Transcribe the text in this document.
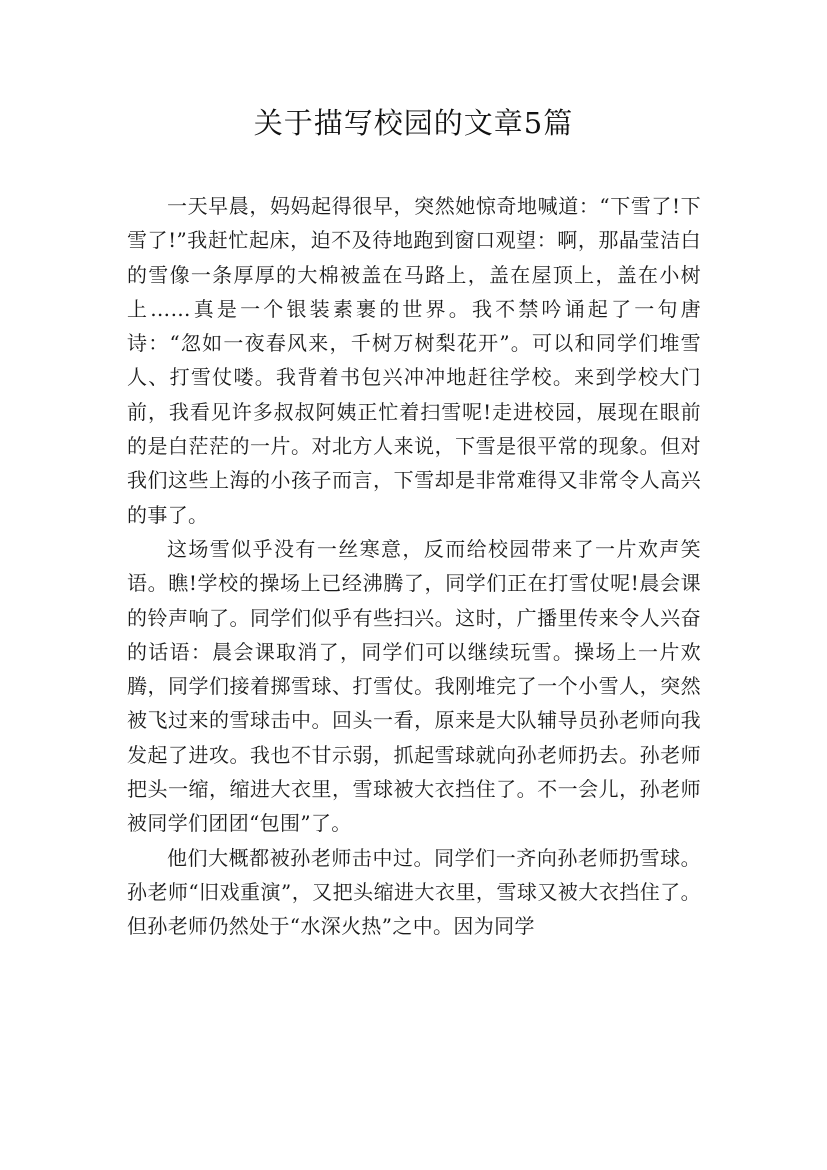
关于描写校园的文章5篇

一天早晨，妈妈起得很早，突然她惊奇地喊道：“下雪了!下雪了!”我赶忙起床，迫不及待地跑到窗口观望：啊，那晶莹洁白的雪像一条厚厚的大棉被盖在马路上，盖在屋顶上，盖在小树上……真是一个银装素裹的世界。我不禁吟诵起了一句唐诗：“忽如一夜春风来，千树万树梨花开”。可以和同学们堆雪人、打雪仗喽。我背着书包兴冲冲地赶往学校。来到学校大门前，我看见许多叔叔阿姨正忙着扫雪呢!走进校园，展现在眼前的是白茫茫的一片。对北方人来说，下雪是很平常的现象。但对我们这些上海的小孩子而言，下雪却是非常难得又非常令人高兴的事了。

这场雪似乎没有一丝寒意，反而给校园带来了一片欢声笑语。瞧!学校的操场上已经沸腾了，同学们正在打雪仗呢!晨会课的铃声响了。同学们似乎有些扫兴。这时，广播里传来令人兴奋的话语：晨会课取消了，同学们可以继续玩雪。操场上一片欢腾，同学们接着掷雪球、打雪仗。我刚堆完了一个小雪人，突然被飞过来的雪球击中。回头一看，原来是大队辅导员孙老师向我发起了进攻。我也不甘示弱，抓起雪球就向孙老师扔去。孙老师把头一缩，缩进大衣里，雪球被大衣挡住了。不一会儿，孙老师被同学们团团“包围”了。

他们大概都被孙老师击中过。同学们一齐向孙老师扔雪球。孙老师“旧戏重演”，又把头缩进大衣里，雪球又被大衣挡住了。但孙老师仍然处于“水深火热”之中。因为同学
